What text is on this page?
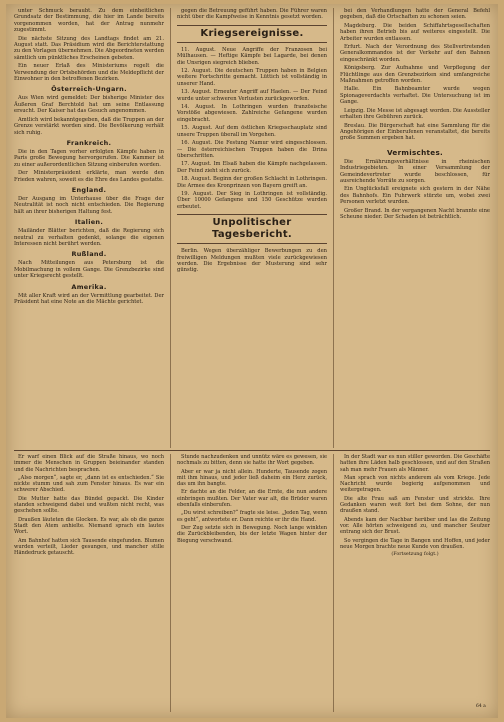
unter Schmuck beraubt. Zu dem einheitlichen Grundsatz der Bestimmung, die hier im Lande bereits vorgenommen worden, hat der Antrag nunmehr zugestimmt.

Die nächste Sitzung des Landtags findet am 21. August statt. Das Präsidium wird die Berichterstattung zu den Vorlagen übernehmen. Die Abgeordneten werden sämtlich um pünktliches Erscheinen gebeten.

Ein neuer Erlaß des Ministeriums regelt die Verwendung der Ortsbehörden und die Meldepflicht der Einwohner in den betroffenen Bezirken.

Österreich-Ungarn.

Aus Wien wird gemeldet: Der bisherige Minister des Äußeren Graf Berchtold hat um seine Entlassung ersucht. Der Kaiser hat das Gesuch angenommen.

Amtlich wird bekanntgegeben, daß die Truppen an der Grenze verstärkt worden sind. Die Bevölkerung verhält sich ruhig.

Frankreich.

Die in den Tagen vorher erfolgten Kämpfe haben in Paris große Bewegung hervorgerufen. Die Kammer ist zu einer außerordentlichen Sitzung einberufen worden.

Der Ministerpräsident erklärte, man werde den Frieden wahren, soweit es die Ehre des Landes gestatte.

England.

Der Ausgang im Unterhause über die Frage der Neutralität ist noch nicht entschieden. Die Regierung hält an ihrer bisherigen Haltung fest.

Italien.

Mailänder Blätter berichten, daß die Regierung sich neutral zu verhalten gedenkt, solange die eigenen Interessen nicht berührt werden.

Rußland.

Nach Mitteilungen aus Petersburg ist die Mobilmachung in vollem Gange. Die Grenzbezirke sind unter Kriegsrecht gestellt.

Amerika.

Mit aller Kraft wird an der Vermittlung gearbeitet. Der Präsident hat eine Note an die Mächte gerichtet.

gegen die Betreuung geführt haben. Die Führer waren nicht über die Kampfweise in Kenntnis gesetzt worden.

Kriegsereignisse.

11. August. Neue Angriffe der Franzosen bei Mülhausen. — Heftige Kämpfe bei Lagarde, bei denen die Unsrigen siegreich blieben.

12. August. Die deutschen Truppen haben in Belgien weitere Fortschritte gemacht. Lüttich ist vollständig in unserer Hand.

13. August. Erneuter Angriff auf Haelen. — Der Feind wurde unter schweren Verlusten zurückgeworfen.

14. August. In Lothringen wurden französische Vorstöße abgewiesen. Zahlreiche Gefangene wurden eingebracht.

15. August. Auf dem östlichen Kriegsschauplatz sind unsere Truppen überall im Vorgehen.

16. August. Die Festung Namur wird eingeschlossen. — Die österreichischen Truppen haben die Drina überschritten.

17. August. Im Elsaß haben die Kämpfe nachgelassen. Der Feind zieht sich zurück.

18. August. Beginn der großen Schlacht in Lothringen. Die Armee des Kronprinzen von Bayern greift an.

19. August. Der Sieg in Lothringen ist vollständig. Über 10000 Gefangene und 150 Geschütze wurden erbeutet.

Unpolitischer Tagesbericht.

Berlin. Wegen überzähliger Bewerbungen zu den freiwilligen Meldungen mußten viele zurückgewiesen werden. Die Ergebnisse der Musterung sind sehr günstig.

bei den Verhandlungen hatte der General Befehl gegeben, daß die Ortschaften zu schonen seien.

Magdeburg. Die beiden Schiffahrtsgesellschaften haben ihren Betrieb bis auf weiteres eingestellt. Die Arbeiter wurden entlassen.

Erfurt. Nach der Verordnung des Stellvertretenden Generalkommandos ist der Verkehr auf den Bahnen eingeschränkt worden.

Königsberg. Zur Aufnahme und Verpflegung der Flüchtlinge aus den Grenzbezirken sind umfangreiche Maßnahmen getroffen worden.

Halle. Ein Bahnbeamter wurde wegen Spionageverdachts verhaftet. Die Untersuchung ist im Gange.

Leipzig. Die Messe ist abgesagt worden. Die Aussteller erhalten ihre Gebühren zurück.

Breslau. Die Bürgerschaft hat eine Sammlung für die Angehörigen der Einberufenen veranstaltet, die bereits große Summen ergeben hat.

Vermischtes.

Die Ernährungsverhältnisse in rheinischen Industriegebieten. In einer Versammlung der Gemeindevertreter wurde beschlossen, für ausreichende Vorräte zu sorgen.

Ein Unglücksfall ereignete sich gestern in der Nähe des Bahnhofs. Ein Fuhrwerk stürzte um, wobei zwei Personen verletzt wurden.

Großer Brand. In der vergangenen Nacht brannte eine Scheune nieder. Der Schaden ist beträchtlich.

Er warf einen Blick auf die Straße hinaus, wo noch immer die Menschen in Gruppen beieinander standen und die Nachrichten besprachen.

„Also morgen“, sagte er, „dann ist es entschieden.“ Sie nickte stumm und sah zum Fenster hinaus. Es war ein schwerer Abschied.

Die Mutter hatte das Bündel gepackt. Die Kinder standen schweigend dabei und wußten nicht recht, was geschehen sollte.

Draußen läuteten die Glocken. Es war, als ob die ganze Stadt den Atem anhielte. Niemand sprach ein lautes Wort.

Am Bahnhof hatten sich Tausende eingefunden. Blumen wurden verteilt, Lieder gesungen, und mancher stille Händedruck getauscht.

Stunde nachzudenken und unnütz wäre es gewesen, sie nochmals zu bitten, denn sie hatte ihr Wort gegeben.

Aber er war ja nicht allein. Hunderte, Tausende zogen mit ihm hinaus, und jeder ließ daheim ein Herz zurück, das um ihn bangte.

Er dachte an die Felder, an die Ernte, die nun andere einbringen mußten. Der Vater war alt, die Brüder waren ebenfalls einberufen.

„Du wirst schreiben?“ fragte sie leise. „Jeden Tag, wenn es geht“, antwortete er. Dann reichte er ihr die Hand.

Der Zug setzte sich in Bewegung. Noch lange winkten die Zurückbleibenden, bis der letzte Wagen hinter der Biegung verschwand.

In der Stadt war es nun stiller geworden. Die Geschäfte hatten ihre Läden halb geschlossen, und auf den Straßen sah man mehr Frauen als Männer.

Man sprach von nichts anderem als vom Kriege. Jede Nachricht wurde begierig aufgenommen und weitergetragen.

Die alte Frau saß am Fenster und strickte. Ihre Gedanken waren weit fort bei dem Sohne, der nun draußen stand.

Abends kam der Nachbar herüber und las die Zeitung vor. Alle hörten schweigend zu, und mancher Seufzer entrang sich der Brust.

So vergingen die Tage in Bangen und Hoffen, und jeder neue Morgen brachte neue Kunde von draußen.

(Fortsetzung folgt.)
64 a
